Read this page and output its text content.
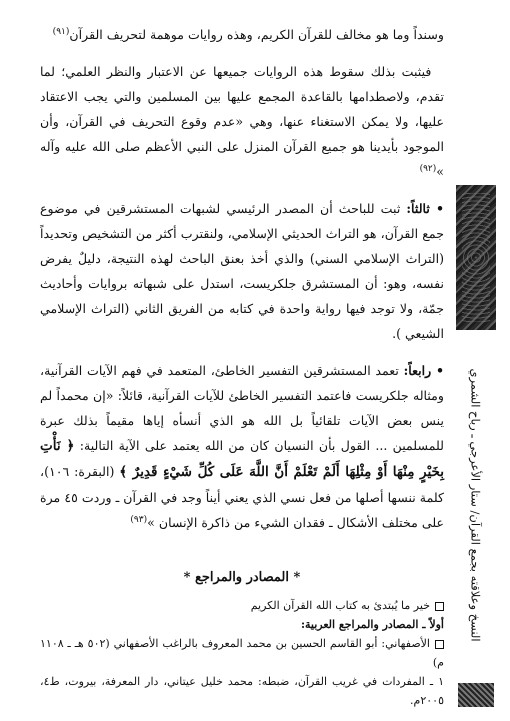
وسنداً وما هو مخالف للقرآن الكريم، وهذه روايات موهمة لتحريف القرآن$^{(٩١)}$

 فيثبت بذلك سقوط هذه الروايات جميعها عن الاعتبار والنظر العلمي؛ لما تقدم، ولاصطدامها بالقاعدة المجمع عليها بين المسلمين والتي يجب الاعتقاد عليها، ولا يمكن الاستغناء عنها، وهي «عدم وقوع التحريف في القرآن، وأن الموجود بأيدينا هو جميع القرآن المنزل على النبي الأعظم صلى الله عليه وآله »$^{(٩٢)}$

• ثالثاً: ثبت للباحث أن المصدر الرئيسي لشبهات المستشرقين في موضوع جمع القرآن، هو التراث الحديثي الإسلامي، ولنقترب أكثر من التشخيص وتحديداً (التراث الإسلامي السني) والذي أخذ بعنق الباحث لهذه النتيجة، دليلٌ يفرض نفسه، وهو: أن المستشرق جلكريست، استدل على شبهاته بروايات وأحاديث جمّة، ولا توجد فيها رواية واحدة في كتابه من الفريق الثاني (التراث الإسلامي الشيعي ).

• رابعاً: تعمد المستشرقين التفسير الخاطئ، المتعمد في فهم الآيات القرآنية، ومثاله جلكريست فاعتمد التفسير الخاطئ للآيات القرآنية، قائلاً: «إن محمداً لم ينس بعض الآيات تلقائياً بل الله هو الذي أنسأه إياها مقيماً بذلك عبرة للمسلمين ... القول بأن النسيان كان من الله يعتمد على الآية التالية: ﴿ نَأْتِ بِخَيْرٍ مِنْهَا أَوْ مِثْلِهَا أَلَمْ تَعْلَمْ أَنَّ اللَّهَ عَلَى كُلِّ شَيْءٍ قَدِيرٌ ﴾ (البقرة: ١٠٦)، كلمة ننسها أصلها من فعل نسي الذي يعني أيناً وجد في القرآن ـ وردت ٤٥ مرة على مختلف الأشكال ـ فقدان الشيء من ذاكرة الإنسان »$^{(٩٣)}$

* المصادر والمراجع *

خير ما يُبتدئ به كتاب الله القرآن الكريم

أولاً ـ المصادر والمراجع العربية:

الأصفهاني: أبو القاسم الحسين بن محمد المعروف بالراغب الأصفهاني (٥٠٢ هـ ـ ١١٠٨ م)

١ ـ المفردات في غريب القرآن، ضبطه: محمد خليل عيتاني، دار المعرفة، بيروت، ط٤، ٢٠٠٥م.

النسخ وعلاقته بجمع القرآن/ ستار الأعرجي ـ رباح الشمري
